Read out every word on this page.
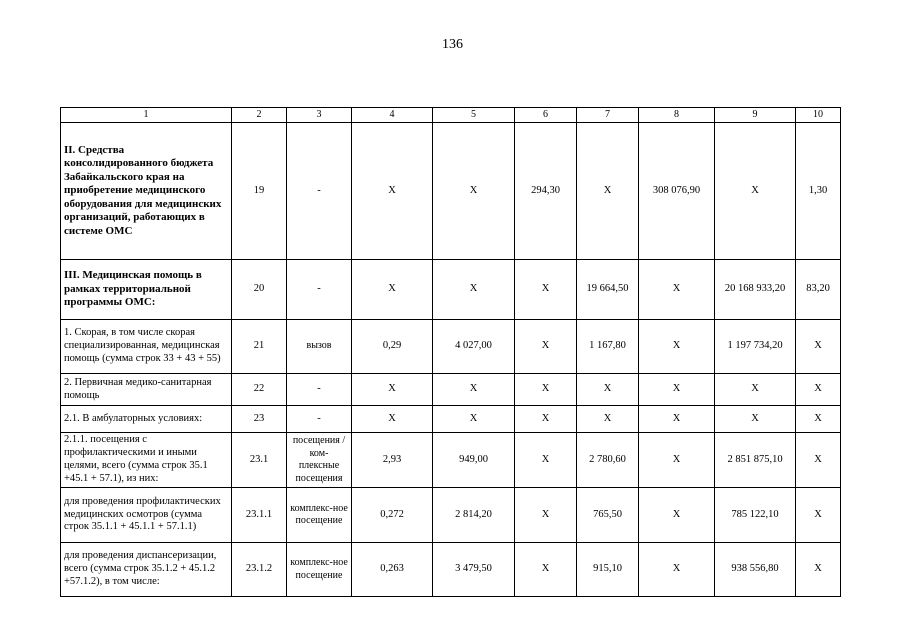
136
1	2	3	4	5	6	7	8	9	10
II. Средства консолидированного бюджета Забайкальского края на приобретение медицинского оборудования для медицинских организаций, работающих в системе ОМС	19	-	Х	Х	294,30	Х	308 076,90	Х	1,30
III. Медицинская помощь в рамках территориальной программы ОМС:	20	-	Х	Х	Х	19 664,50	Х	20 168 933,20	83,20
1. Скорая, в том числе скорая специализированная, медицинская помощь (сумма строк 33 + 43 + 55)	21	вызов	0,29	4 027,00	Х	1 167,80	Х	1 197 734,20	Х
2. Первичная медико-санитарная помощь	22	-	Х	Х	Х	Х	Х	Х	Х
2.1. В амбулаторных условиях:	23	-	Х	Х	Х	Х	Х	Х	Х
2.1.1. посещения с профилактическими и иными целями, всего (сумма строк 35.1 +45.1 + 57.1), из них:	23.1	посещения / ком-плексные посещения	2,93	949,00	Х	2 780,60	Х	2 851 875,10	Х
для проведения профилактических медицинских осмотров (сумма строк 35.1.1 + 45.1.1 + 57.1.1)	23.1.1	комплекс-ное посещение	0,272	2 814,20	Х	765,50	Х	785 122,10	Х
для проведения диспансеризации, всего (сумма строк 35.1.2 + 45.1.2 +57.1.2), в том числе:	23.1.2	комплекс-ное посещение	0,263	3 479,50	Х	915,10	Х	938 556,80	Х
